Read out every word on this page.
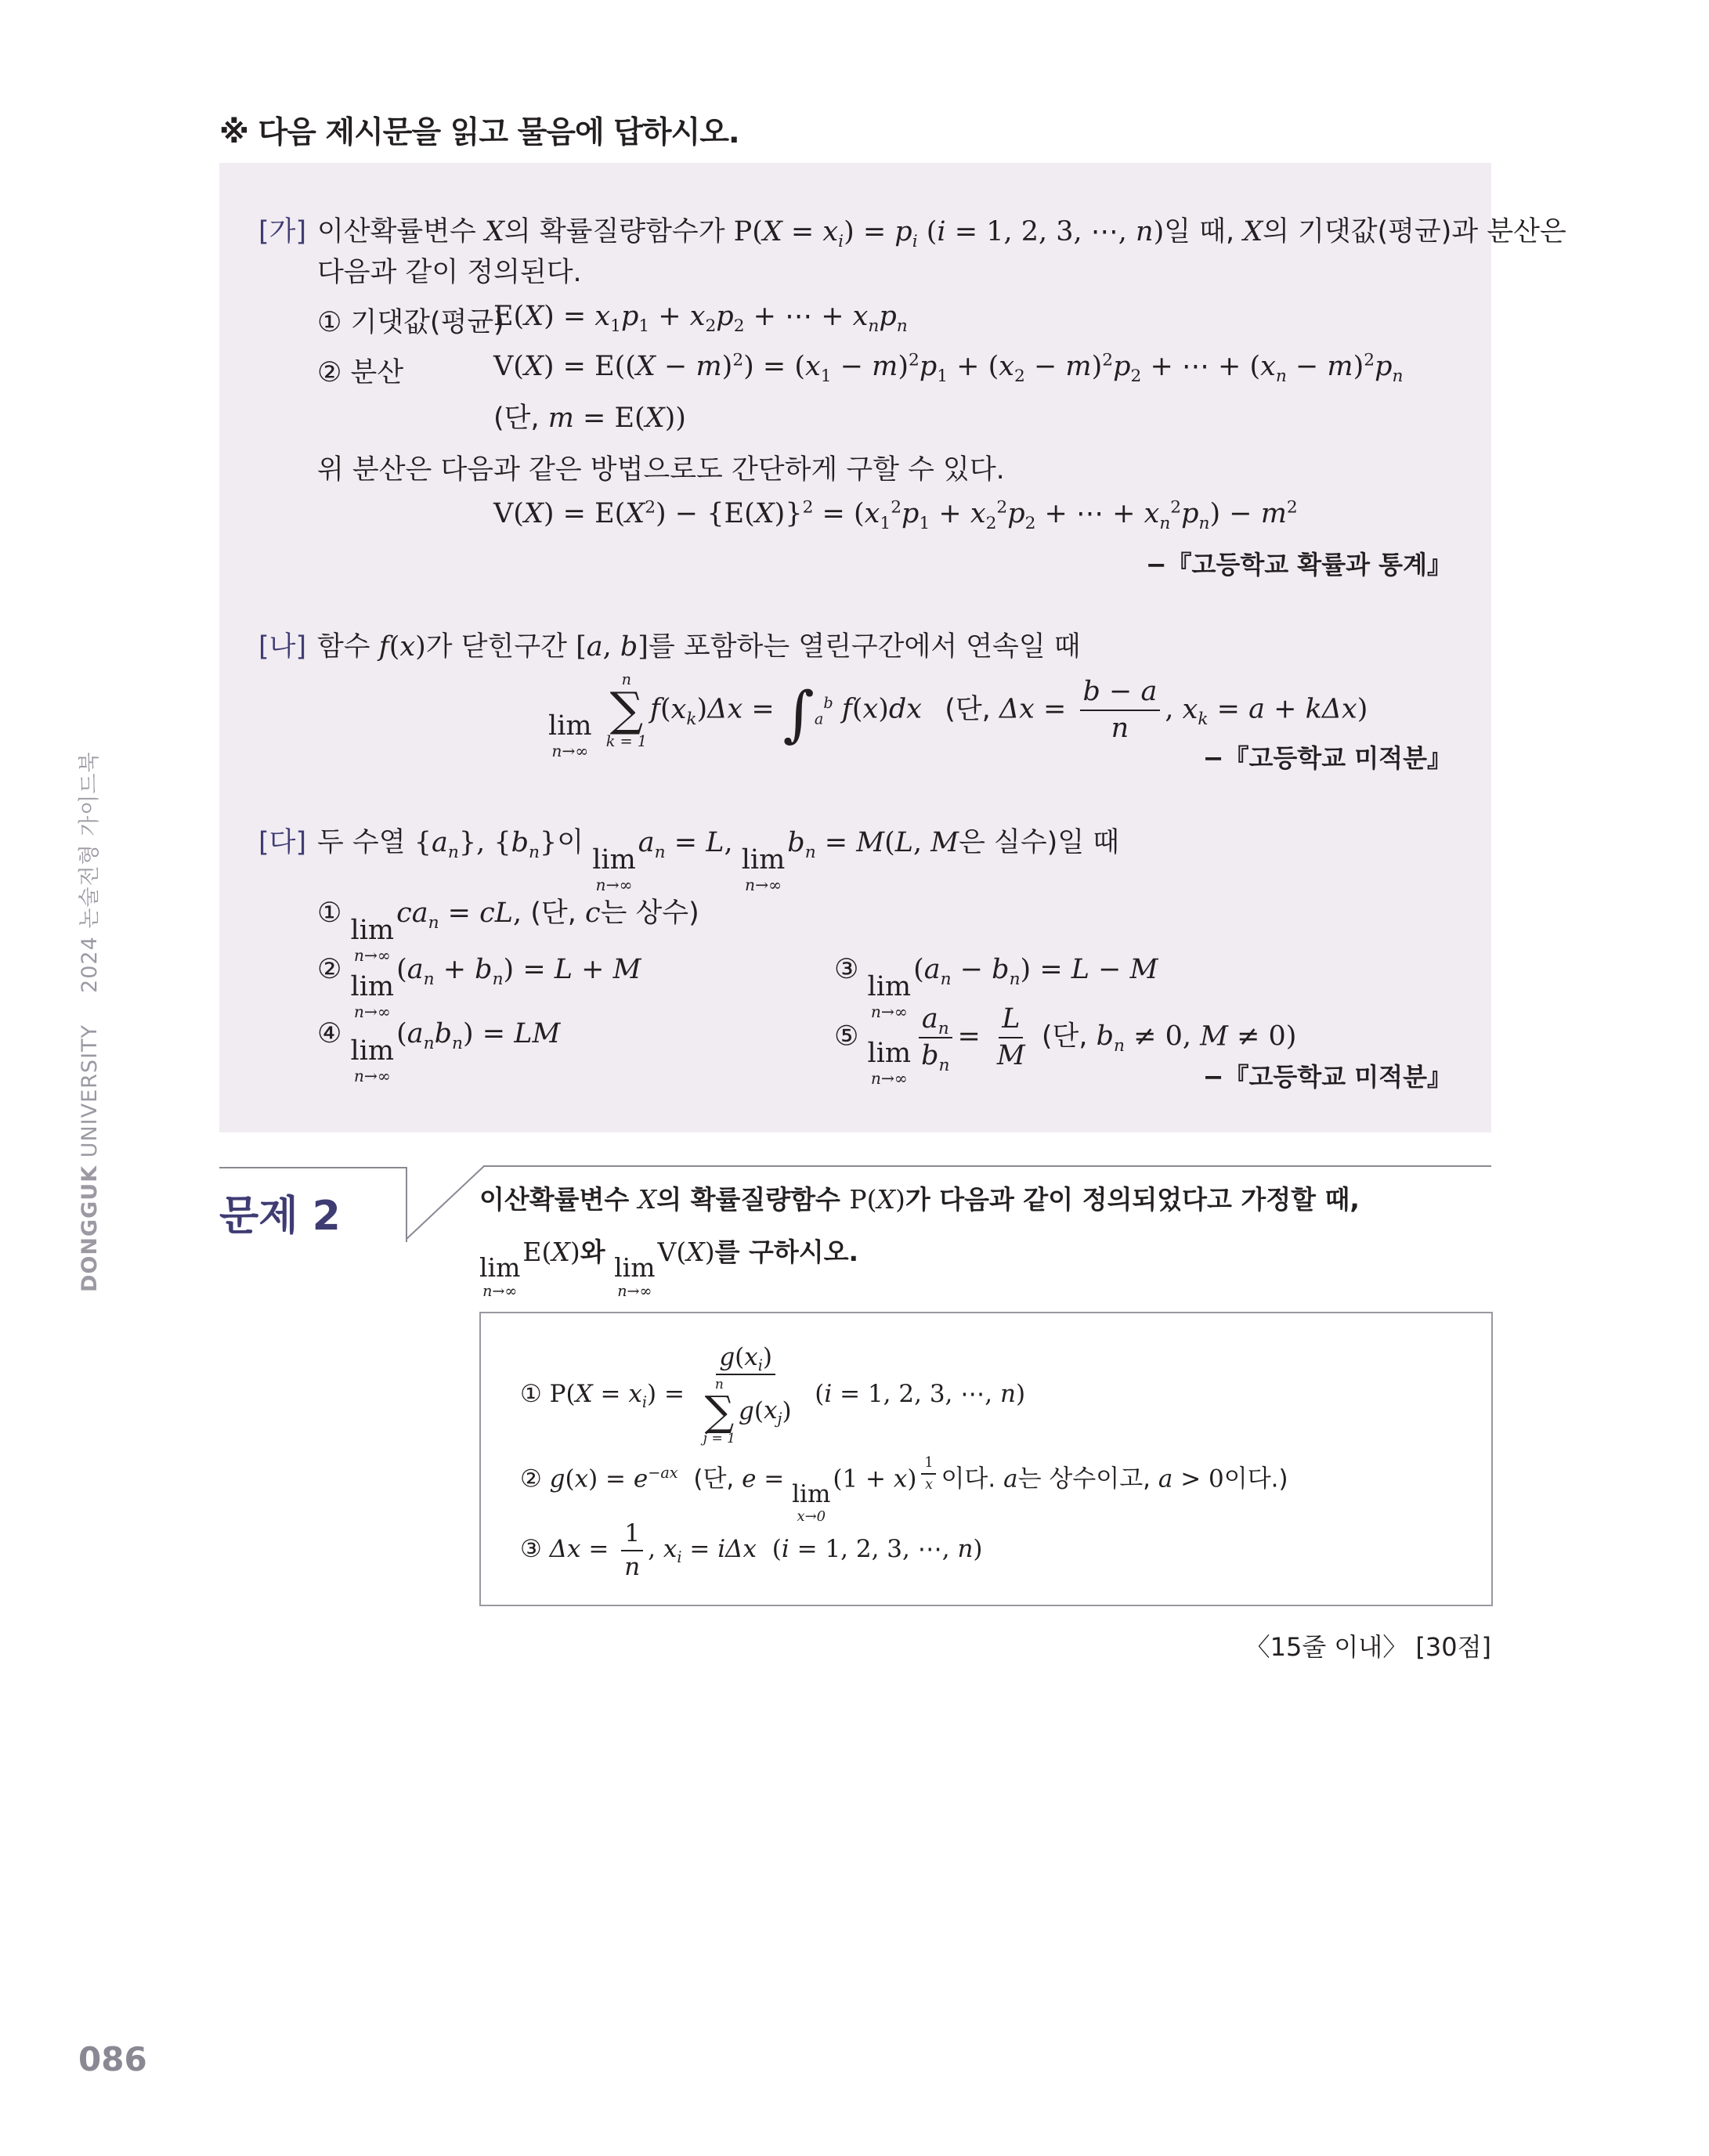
※ 다음 제시문을 읽고 물음에 답하시오.
[가] 이산확률변수 X의 확률질량함수가 $P(X = x_i) = p_i$ (i = 1, 2, 3, ⋯, n)일 때, X의 기댓값(평균)과 분산은
다음과 같이 정의된다.
① 기댓값(평균)
$E(X) = x_1p_1 + x_2p_2$ + ⋯ + $x_np_n$
② 분산	$V(X) = E((X - m)^2) = (x_1 - m)^2p_1 + (x_2 - m)^2p_2$ + ⋯ + $(x_n - m)^2p_n$
(단, m = E(X))
위 분산은 다음과 같은 방법으로도 간단하게 구할 수 있다.
$V(X) = E(X^2) - \{E(X)\}^2 = (x_1^2p_1 + x_2^2p_2$ + ⋯ + $x_n^2p_n) - m^2$
−『고등학교 확률과 통계』
[나] 함수 f(x)가 닫힌구간 [a, b]를 포함하는 열린구간에서 연속일 때
lim
n→∞

n
∑
k = 1
$f(x_k)\Delta x = \int_a^b$ f(x)dx (단, $\Delta x = \frac{b - a}{n}$ , $x_k = a + k\Delta x$)
−『고등학교 미적분』
[다] 두 수열 $\{a_n\}$, $\{b_n\}$이
lim
n→∞
$a_n = L$,
lim
n→∞
$b_n = M(L$, M은 실수)일 때
①
lim
n→∞
$ca_n$ = cL, (단, c는 상수)
②
lim
n→∞
$(a_n + b_n) = L + M$	③
lim
n→∞
$(a_n - b_n) = L - M$
④
lim
n→∞
$(a_nb_n)$ = LM	⑤
lim
n→∞
$\frac{a_n}{b_n} = \frac{L}{M}$ (단, $b_n \ne 0$, M ≠ 0)
−『고등학교 미적분』
DONGGUK UNIVERSITY2024 논술전형 가이드북
문제 2	이산확률변수 X의 확률질량함수 P(X)가 다음과 같이 정의되었다고 가정할 때,
lim
n→∞
E(X)와
lim
n→∞
V(X)를 구하시오.
① $P(X = x_i) = g(x_i)$
n
∑
j = 1
$g(x_j) (i = 1$, 2, 3, ⋯, n)
② $g(x) = e^{-ax}$ (단, e =
lim
x→0
(1 + x) $^{\frac{1}{x}}$ 이다. a는 상수이고, a > 0이다.)
③ $\Delta x = \frac{1}{n}$ , $x_i = i\Delta x$  (i = 1, 2, 3, ⋯, n)
〈15줄 이내〉 [30점]
086
